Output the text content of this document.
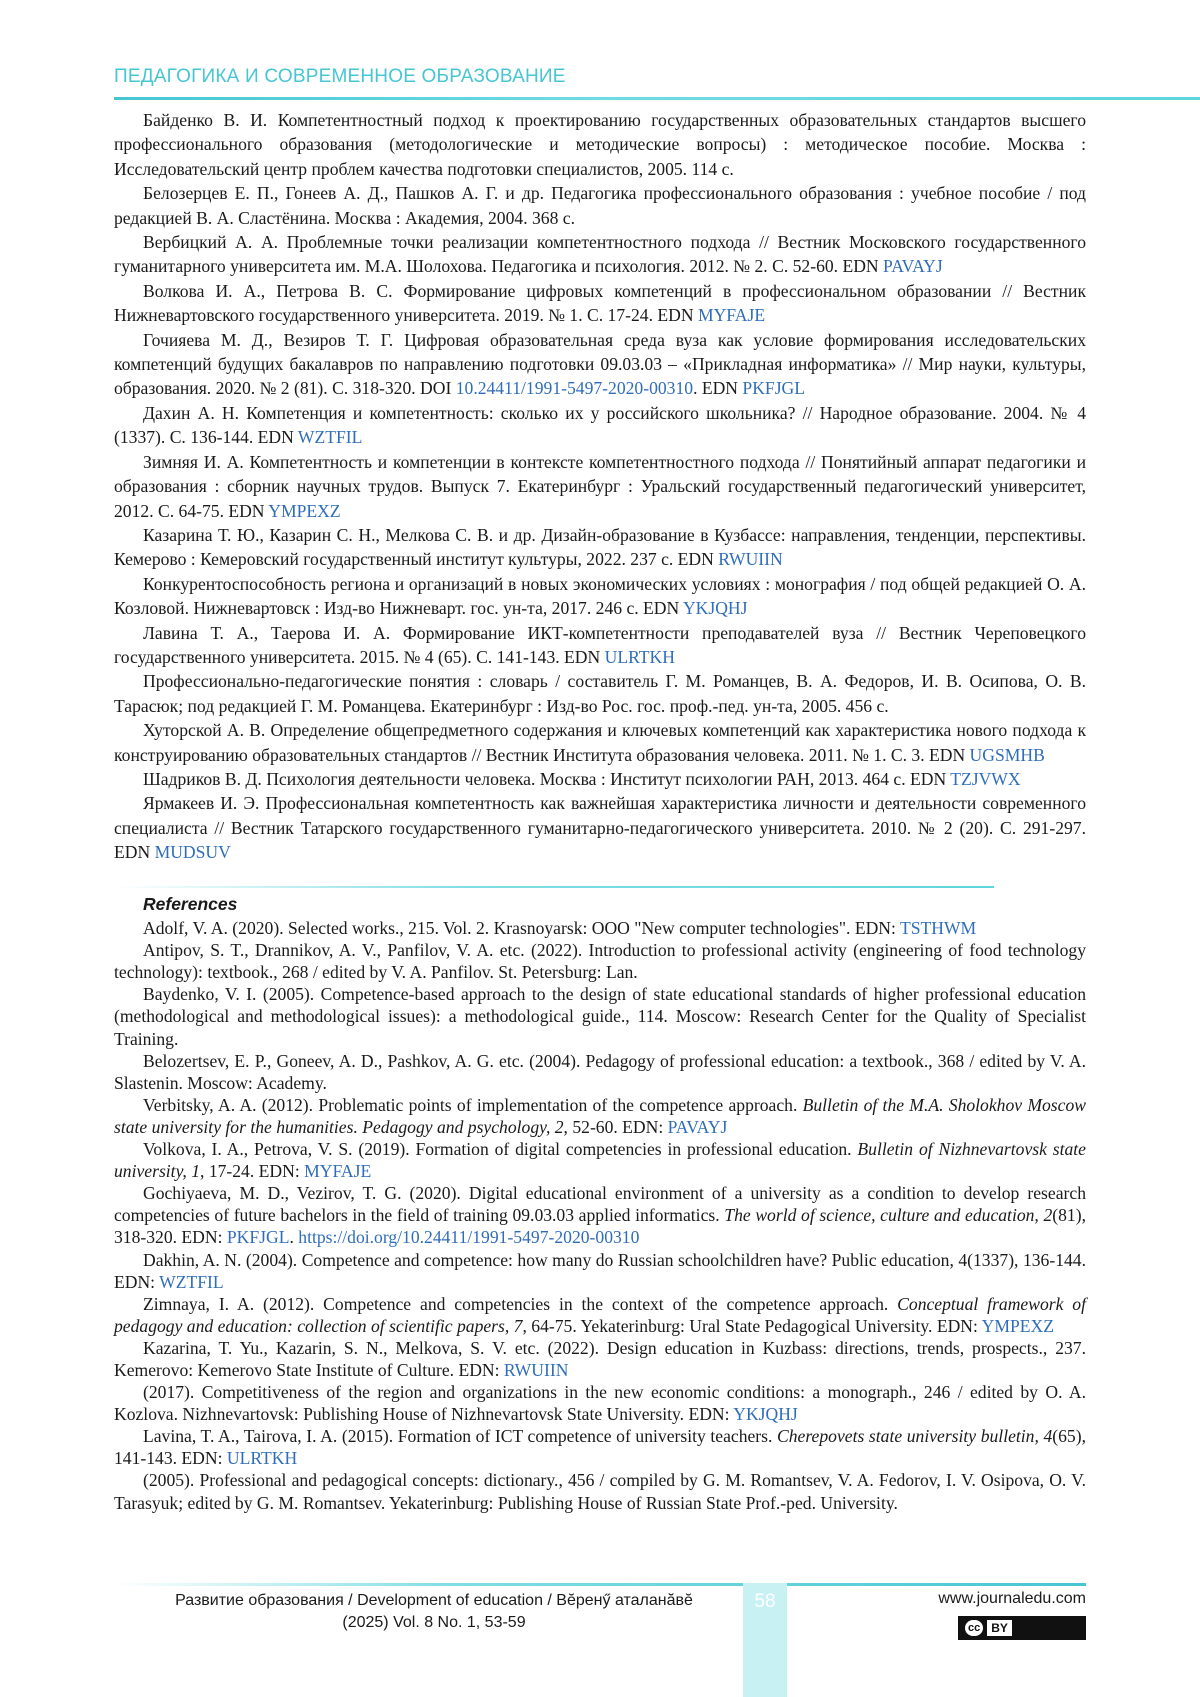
ПЕДАГОГИКА И СОВРЕМЕННОЕ ОБРАЗОВАНИЕ

Байденко В. И. Компетентностный подход к проектированию государственных образовательных стандартов высшего профессионального образования (методологические и методические вопросы) : методическое пособие. Москва : Исследовательский центр проблем качества подготовки специалистов, 2005. 114 с.

Белозерцев Е. П., Гонеев А. Д., Пашков А. Г. и др. Педагогика профессионального образования : учебное пособие / под редакцией В. А. Сластёнина. Москва : Академия, 2004. 368 с.

Вербицкий А. А. Проблемные точки реализации компетентностного подхода // Вестник Московского государственного гуманитарного университета им. М.А. Шолохова. Педагогика и психология. 2012. № 2. С. 52-60. EDN PAVAYJ

Волкова И. А., Петрова В. С. Формирование цифровых компетенций в профессиональном образовании // Вестник Нижневартовского государственного университета. 2019. № 1. С. 17-24. EDN MYFAJE

Гочияева М. Д., Везиров Т. Г. Цифровая образовательная среда вуза как условие формирования исследовательских компетенций будущих бакалавров по направлению подготовки 09.03.03 – «Прикладная информатика» // Мир науки, культуры, образования. 2020. № 2 (81). С. 318-320. DOI 10.24411/1991-5497-2020-00310. EDN PKFJGL

Дахин А. Н. Компетенция и компетентность: сколько их у российского школьника? // Народное образование. 2004. № 4 (1337). С. 136-144. EDN WZTFIL

Зимняя И. А. Компетентность и компетенции в контексте компетентностного подхода // Понятийный аппарат педагогики и образования : сборник научных трудов. Выпуск 7. Екатеринбург : Уральский государственный педагогический университет, 2012. С. 64-75. EDN YMPEXZ

Казарина Т. Ю., Казарин С. Н., Мелкова С. В. и др. Дизайн-образование в Кузбассе: направления, тенденции, перспективы. Кемерово : Кемеровский государственный институт культуры, 2022. 237 с. EDN RWUIIN

Конкурентоспособность региона и организаций в новых экономических условиях : монография / под общей редакцией О. А. Козловой. Нижневартовск : Изд-во Нижневарт. гос. ун-та, 2017. 246 с. EDN YKJQHJ

Лавина Т. А., Таерова И. А. Формирование ИКТ-компетентности преподавателей вуза // Вестник Череповецкого государственного университета. 2015. № 4 (65). С. 141-143. EDN ULRTKH

Профессионально-педагогические понятия : словарь / составитель Г. М. Романцев, В. А. Федоров, И. В. Осипова, О. В. Тарасюк; под редакцией Г. М. Романцева. Екатеринбург : Изд-во Рос. гос. проф.-пед. ун-та, 2005. 456 с.

Хуторской А. В. Определение общепредметного содержания и ключевых компетенций как характеристика нового подхода к конструированию образовательных стандартов // Вестник Института образования человека. 2011. № 1. С. 3. EDN UGSMHB

Шадриков В. Д. Психология деятельности человека. Москва : Институт психологии РАН, 2013. 464 с. EDN TZJVWX

Ярмакеев И. Э. Профессиональная компетентность как важнейшая характеристика личности и деятельности современного специалиста // Вестник Татарского государственного гуманитарно-педагогического университета. 2010. № 2 (20). С. 291-297. EDN MUDSUV

References

Adolf, V. A. (2020). Selected works., 215. Vol. 2. Krasnoyarsk: OOO "New computer technologies". EDN: TSTHWM

Antipov, S. T., Drannikov, A. V., Panfilov, V. A. etc. (2022). Introduction to professional activity (engineering of food technology technology): textbook., 268 / edited by V. A. Panfilov. St. Petersburg: Lan.

Baydenko, V. I. (2005). Competence-based approach to the design of state educational standards of higher professional education (methodological and methodological issues): a methodological guide., 114. Moscow: Research Center for the Quality of Specialist Training.

Belozertsev, E. P., Goneev, A. D., Pashkov, A. G. etc. (2004). Pedagogy of professional education: a textbook., 368 / edited by V. A. Slastenin. Moscow: Academy.

Verbitsky, A. A. (2012). Problematic points of implementation of the competence approach. Bulletin of the M.A. Sholokhov Moscow state university for the humanities. Pedagogy and psychology, 2, 52-60. EDN: PAVAYJ

Volkova, I. A., Petrova, V. S. (2019). Formation of digital competencies in professional education. Bulletin of Nizhnevartovsk state university, 1, 17-24. EDN: MYFAJE

Gochiyaeva, M. D., Vezirov, T. G. (2020). Digital educational environment of a university as a condition to develop research competencies of future bachelors in the field of training 09.03.03 applied informatics. The world of science, culture and education, 2(81), 318-320. EDN: PKFJGL. https://doi.org/10.24411/1991-5497-2020-00310

Dakhin, A. N. (2004). Competence and competence: how many do Russian schoolchildren have? Public education, 4(1337), 136-144. EDN: WZTFIL

Zimnaya, I. A. (2012). Competence and competencies in the context of the competence approach. Conceptual framework of pedagogy and education: collection of scientific papers, 7, 64-75. Yekaterinburg: Ural State Pedagogical University. EDN: YMPEXZ

Kazarina, T. Yu., Kazarin, S. N., Melkova, S. V. etc. (2022). Design education in Kuzbass: directions, trends, prospects., 237. Kemerovo: Kemerovo State Institute of Culture. EDN: RWUIIN

(2017). Competitiveness of the region and organizations in the new economic conditions: a monograph., 246 / edited by O. A. Kozlova. Nizhnevartovsk: Publishing House of Nizhnevartovsk State University. EDN: YKJQHJ

Lavina, T. A., Tairova, I. A. (2015). Formation of ICT competence of university teachers. Cherepovets state university bulletin, 4(65), 141-143. EDN: ULRTKH

(2005). Professional and pedagogical concepts: dictionary., 456 / compiled by G. M. Romantsev, V. A. Fedorov, I. V. Osipova, O. V. Tarasyuk; edited by G. M. Romantsev. Yekaterinburg: Publishing House of Russian State Prof.-ped. University.

58
Развитие образования / Development of education / Вĕренӳ аталанӑвĕ
(2025) Vol. 8 No. 1, 53-59
www.journaledu.com
cc BY
